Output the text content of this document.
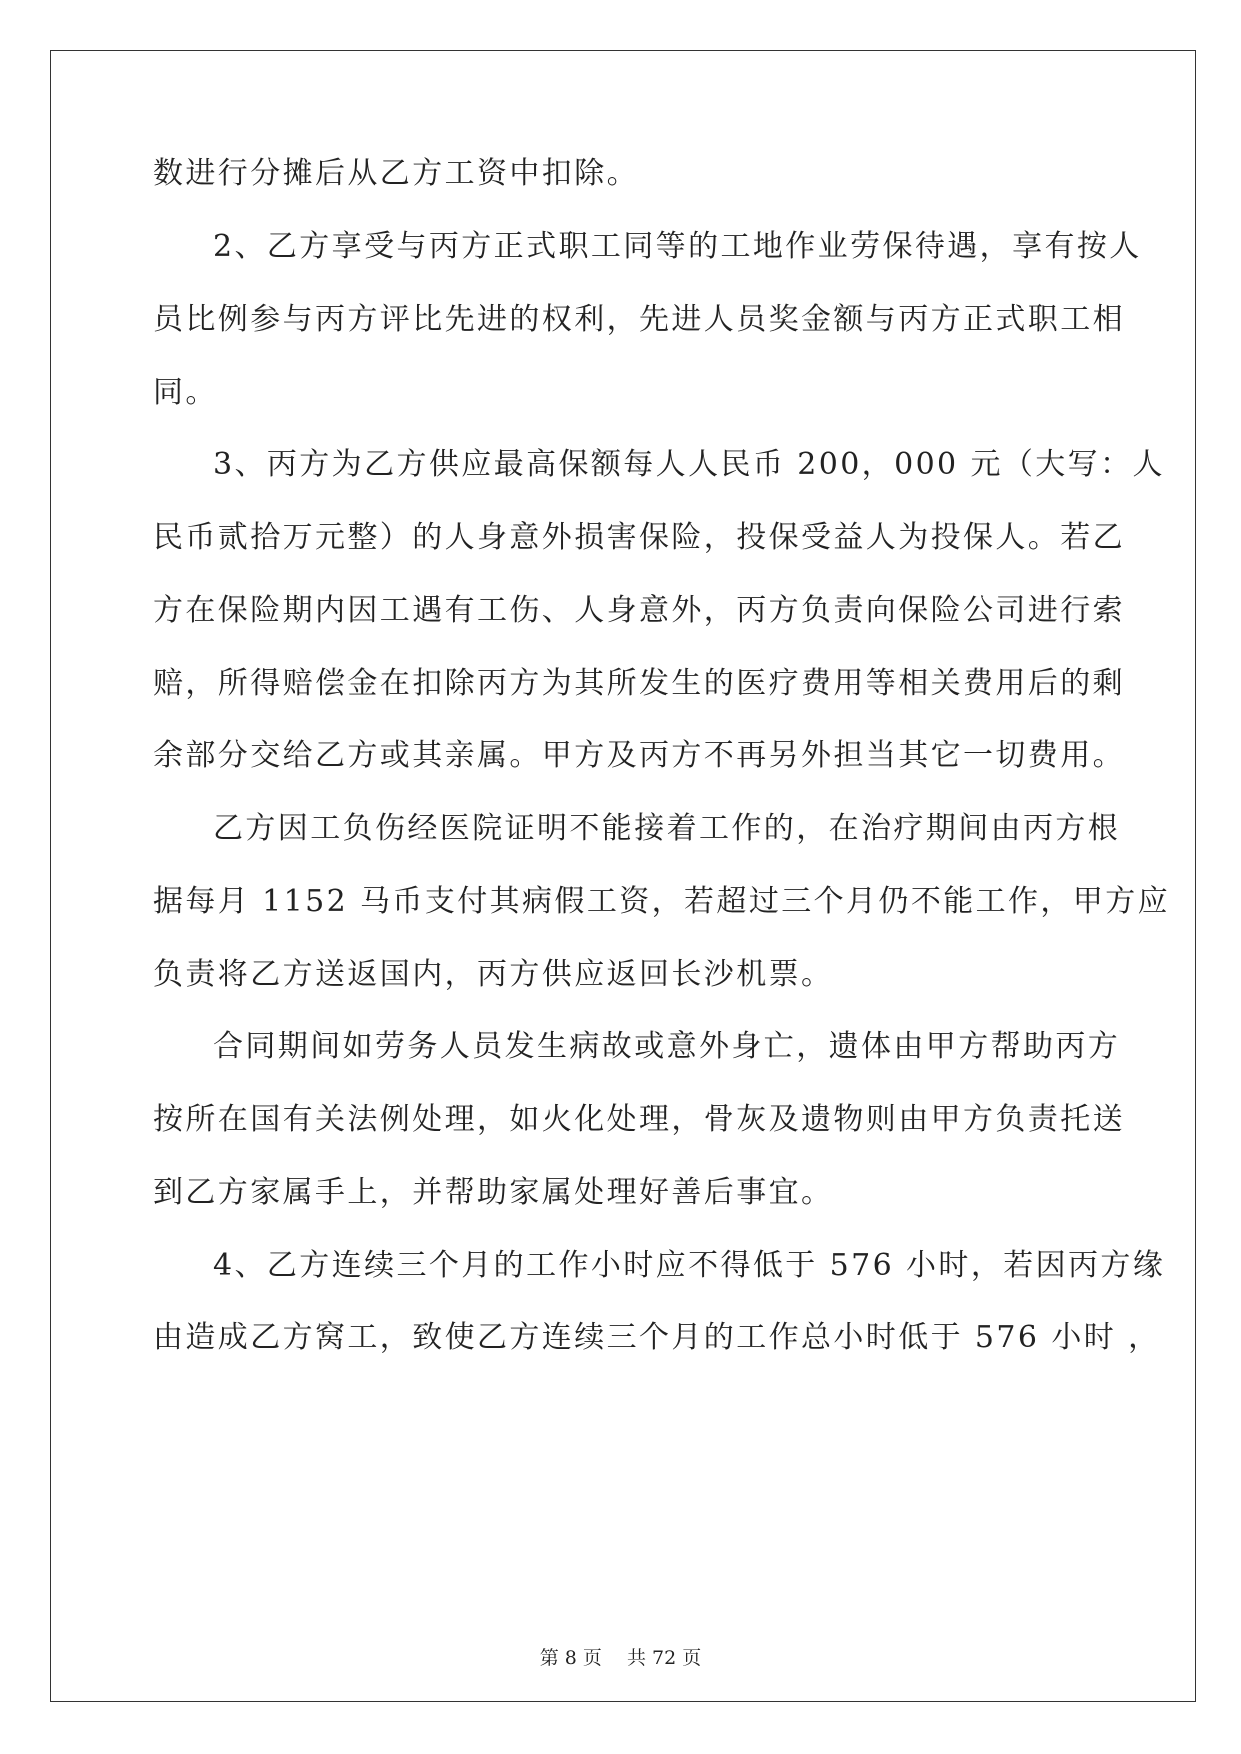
数进行分摊后从乙方工资中扣除。
2、乙方享受与丙方正式职工同等的工地作业劳保待遇，享有按人
员比例参与丙方评比先进的权利，先进人员奖金额与丙方正式职工相
同。
3、丙方为乙方供应最高保额每人人民币 200，000 元（大写：人
民币贰拾万元整）的人身意外损害保险，投保受益人为投保人。若乙
方在保险期内因工遇有工伤、人身意外，丙方负责向保险公司进行索
赔，所得赔偿金在扣除丙方为其所发生的医疗费用等相关费用后的剩
余部分交给乙方或其亲属。甲方及丙方不再另外担当其它一切费用。
乙方因工负伤经医院证明不能接着工作的，在治疗期间由丙方根
据每月 1152 马币支付其病假工资，若超过三个月仍不能工作，甲方应
负责将乙方送返国内，丙方供应返回长沙机票。
合同期间如劳务人员发生病故或意外身亡，遗体由甲方帮助丙方
按所在国有关法例处理，如火化处理，骨灰及遗物则由甲方负责托送
到乙方家属手上，并帮助家属处理好善后事宜。
4、乙方连续三个月的工作小时应不得低于 576 小时，若因丙方缘
由造成乙方窝工，致使乙方连续三个月的工作总小时低于 576 小时 ，
第 8 页　 共 72 页
